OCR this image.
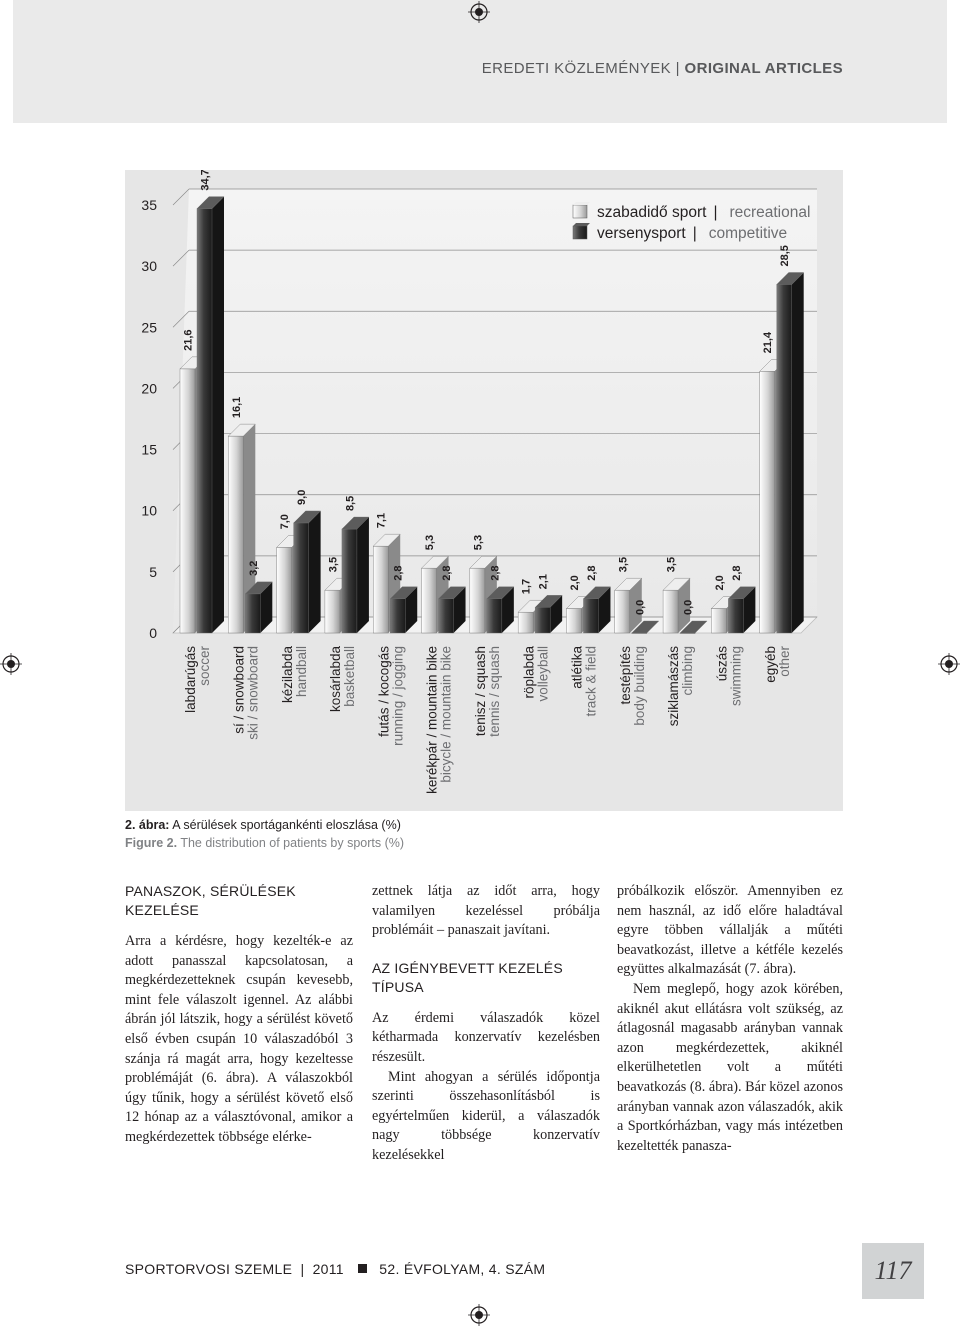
EREDETI KÖZLEMÉNYEK | ORIGINAL ARTICLES
0
5
10
15
20
25
30
35
21,6
34,7
16,1
3,2
7,0
9,0
3,5
8,5
7,1
2,8
5,3
2,8
5,3
2,8
1,7 2,1 2,0
2,8
3,5
0,0
3,5
0,0
2,0
2,8
21,4
28,5
labdarúgás soccer sí / snowboard
ski / snowboard kézilabda handball kosárlabda basketball futás / kocogás running / jogging kerékpár / mountain bike bicycle / mountain bike tenisz / squash tennis / squash röplabda volleyball atlétika track & field testépítés body building sziklamászás climbing úszás swimming egyéb other
szabadidő sport | recreational
versenysport | competitive
2. ábra: A sérülések sportágankénti eloszlása (%)
Figure 2. The distribution of patients by sports (%)
PANASZOK, SÉRÜLÉSEK KEZELÉSE

Arra a kérdésre, hogy kezelték-e az adott panasszal kapcsolatosan, a megkérdezetteknek csupán kevesebb, mint fele válaszolt igennel. Az alábbi ábrán jól látszik, hogy a sérülést követő első évben csupán 10 válaszadóból 3 szánja rá magát arra, hogy kezeltesse problémáját (6. ábra). A válaszokból úgy tűnik, hogy a sérülést követő első 12 hónap az a választóvonal, amikor a megkérdezettek többsége elérke-

zettnek látja az időt arra, hogy valamilyen kezeléssel próbálja problémáit – panaszait javítani.

AZ IGÉNYBEVETT KEZELÉS TÍPUSA

Az érdemi válaszadók közel kétharmada konzervatív kezelésben részesült.

Mint ahogyan a sérülés időpontja szerinti összehasonlításból is egyértelműen kiderül, a válaszadók nagy többsége konzervatív kezelésekkel

próbálkozik először. Amennyiben ez nem használ, az idő előre haladtával egyre többen vállalják a műtéti beavatkozást, illetve a kétféle kezelés együttes alkalmazását (7. ábra).

Nem meglepő, hogy azok körében, akiknél akut ellátásra volt szükség, az átlagosnál magasabb arányban vannak azon megkérdezettek, akiknél elkerülhetetlen volt a műtéti beavatkozás (8. ábra). Bár közel azonos arányban vannak azon válaszadók, akik a Sportkórházban, vagy más intézetben kezeltették panasza-

SPORTORVOSI SZEMLE | 2011	52. ÉVFOLYAM, 4. SZÁM	117
